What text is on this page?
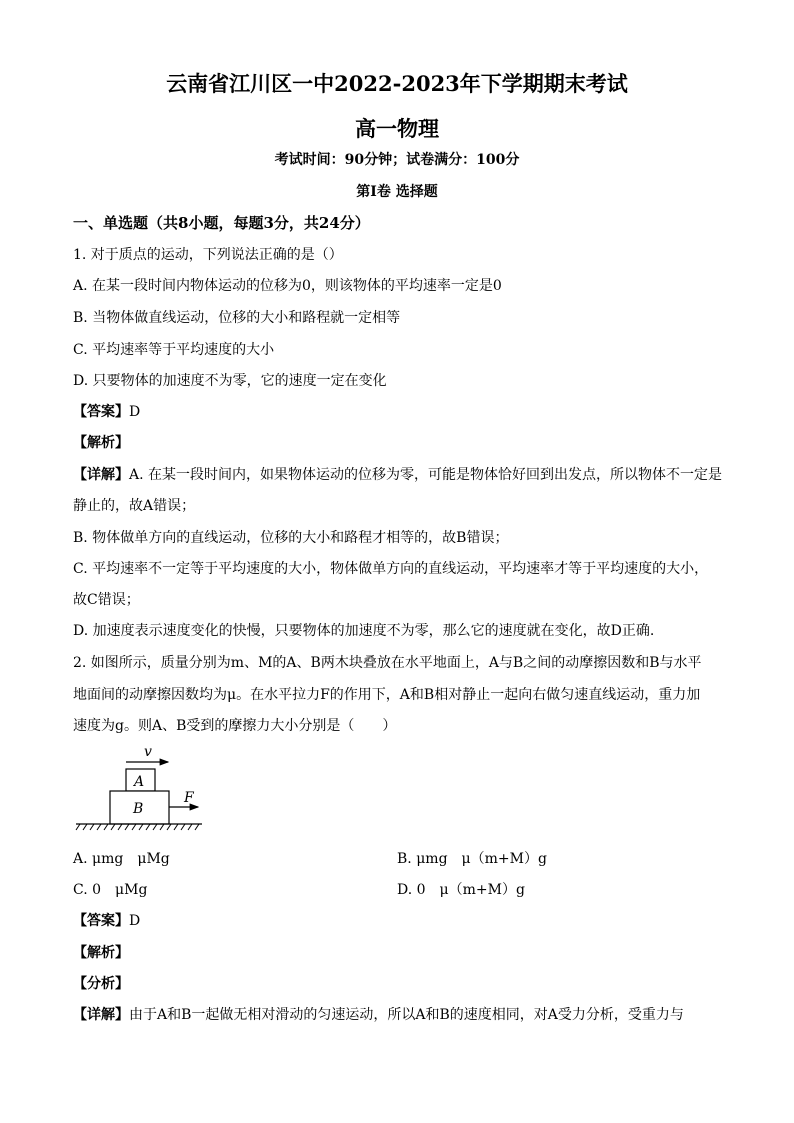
云南省江川区一中2022-2023年下学期期末考试
高一物理
考试时间：90分钟；试卷满分：100分
第Ⅰ卷 选择题
一、单选题（共8小题，每题3分，共24分）
1. 对于质点的运动，下列说法正确的是（）
A. 在某一段时间内物体运动的位移为0，则该物体的平均速率一定是0
B. 当物体做直线运动，位移的大小和路程就一定相等
C. 平均速率等于平均速度的大小
D. 只要物体的加速度不为零，它的速度一定在变化
【答案】D
【解析】
【详解】A. 在某一段时间内，如果物体运动的位移为零，可能是物体恰好回到出发点，所以物体不一定是
静止的，故A错误；
B. 物体做单方向的直线运动，位移的大小和路程才相等的，故B错误；
C. 平均速率不一定等于平均速度的大小，物体做单方向的直线运动，平均速率才等于平均速度的大小，
故C错误；
D. 加速度表示速度变化的快慢，只要物体的加速度不为零，那么它的速度就在变化，故D正确.
2. 如图所示，质量分别为m、M的A、B两木块叠放在水平地面上，A与B之间的动摩擦因数和B与水平
地面间的动摩擦因数均为μ。在水平拉力F的作用下，A和B相对静止一起向右做匀速直线运动，重力加
速度为g。则A、B受到的摩擦力大小分别是（　　）
v
A
B
F
A. μmg　μMg	B. μmg　μ（m+M）g
C. 0　μMg	D. 0　μ（m+M）g
【答案】D
【解析】
【分析】
【详解】由于A和B一起做无相对滑动的匀速运动，所以A和B的速度相同，对A受力分析，受重力与
